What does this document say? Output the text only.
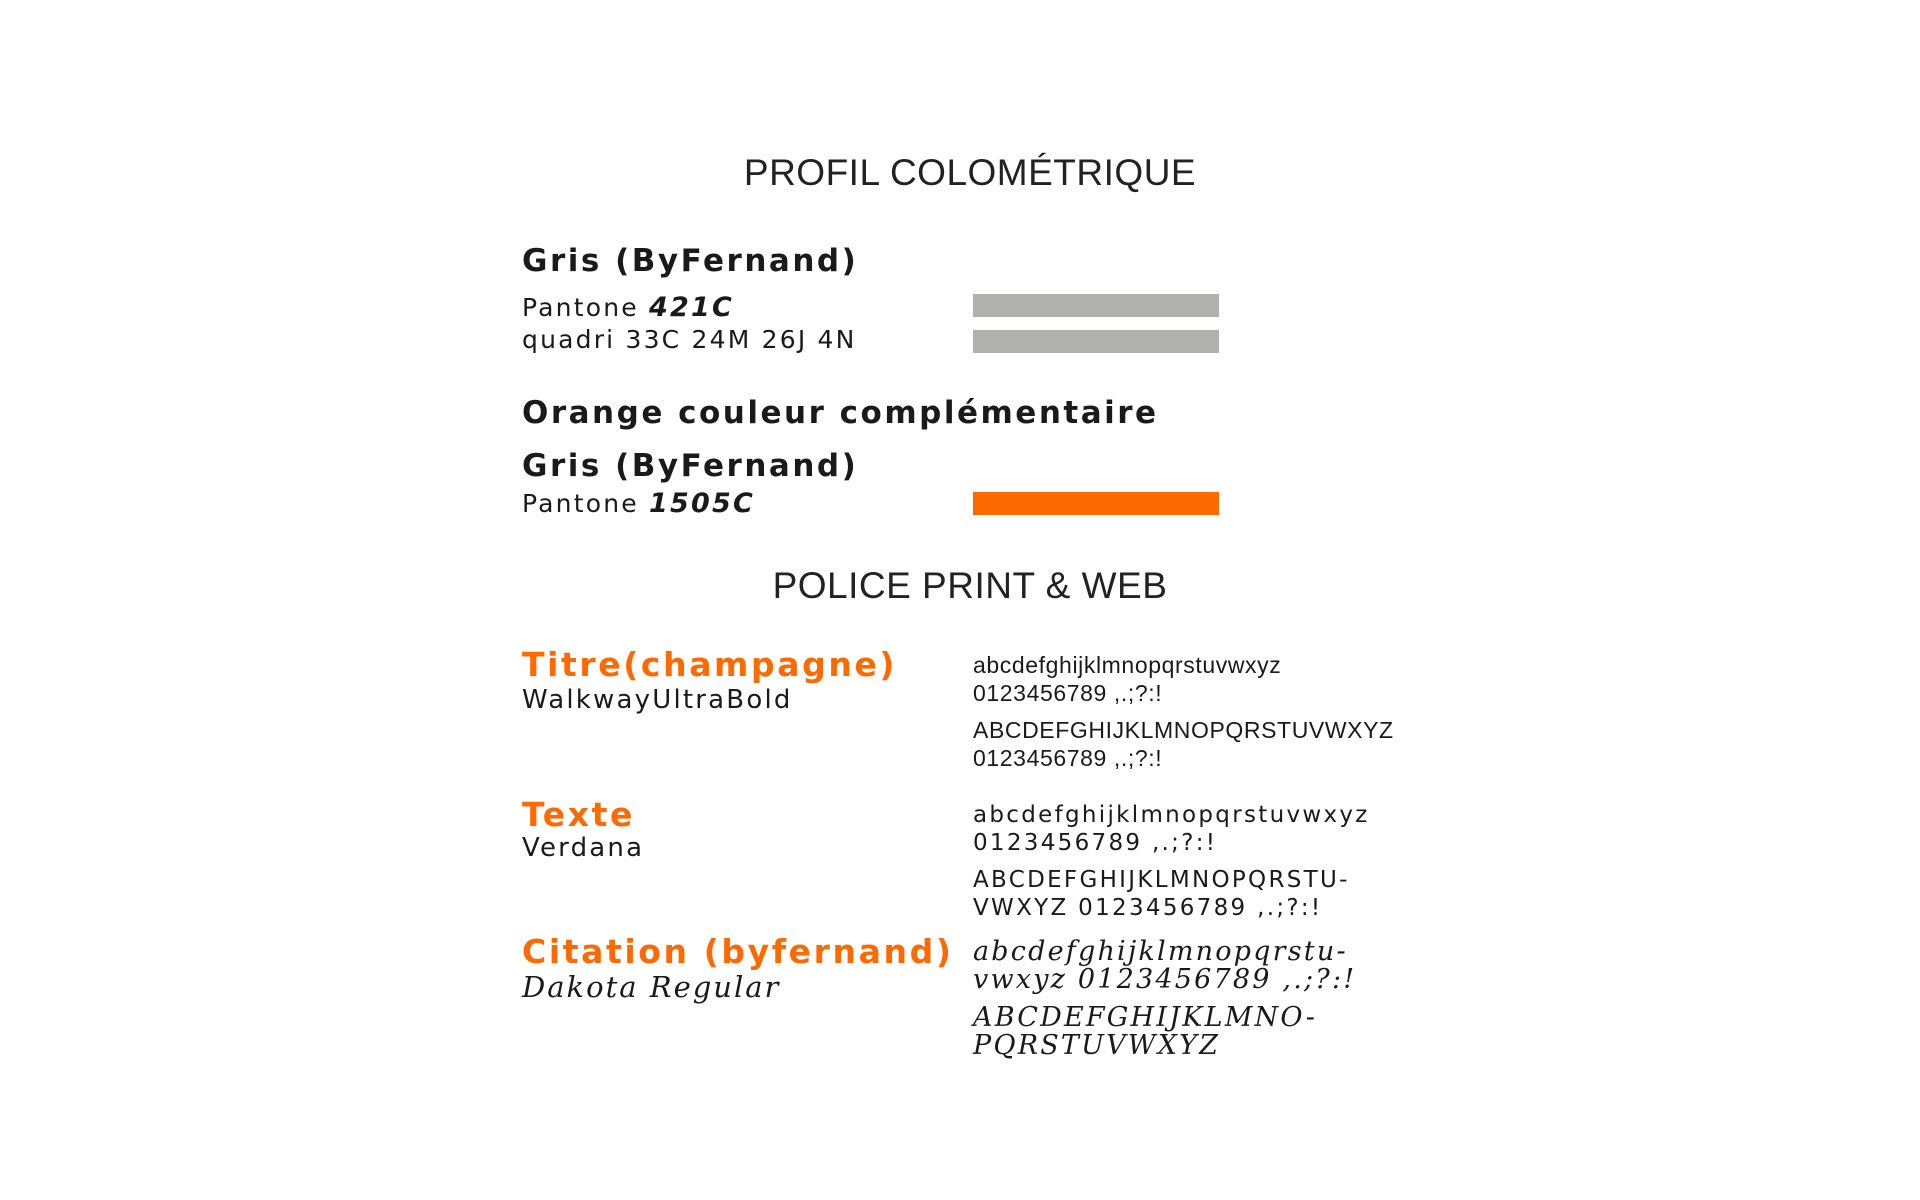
PROFIL COLOMÉTRIQUE
Gris (ByFernand)
Pantone 421C
quadri 33C 24M 26J 4N
Orange couleur complémentaire
Gris (ByFernand)
Pantone 1505C
POLICE PRINT & WEB
Titre(champagne)
WalkwayUltraBold
abcdefghijklmnopqrstuvwxyz
0123456789 ,.;?:!
ABCDEFGHIJKLMNOPQRSTUVWXYZ
0123456789 ,.;?:!
Texte
Verdana
abcdefghijklmnopqrstuvwxyz
0123456789 ,.;?:!
ABCDEFGHIJKLMNOPQRSTU-
VWXYZ 0123456789 ,.;?:!
Citation (byfernand)
Dakota Regular
abcdefghijklmnopqrstu-
vwxyz 0123456789 ,.;?:!
ABCDEFGHIJKLMNO-
PQRSTUVWXYZ
